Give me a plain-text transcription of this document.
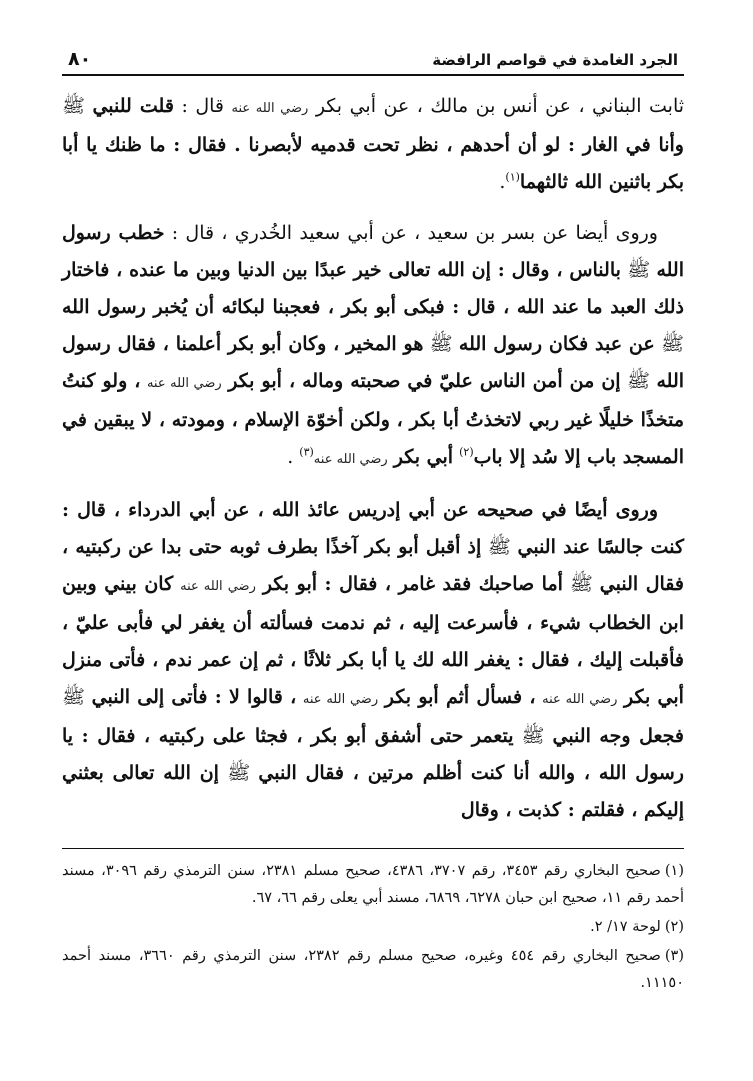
٨٠	الجرد الغامدة في قواصم الرافضة

ثابت البناني ، عن أنس بن مالك ، عن أبي بكر رضي الله عنه قال : قلت للنبي ﷺ وأنا في الغار : لو أن أحدهم ، نظر تحت قدميه لأبصرنا . فقال : ما ظنك يا أبا بكر باثنين الله ثالثهما$^{(١)}$.

وروى أيضا عن بسر بن سعيد ، عن أبي سعيد الخُدري ، قال : خطب رسول الله ﷺ بالناس ، وقال : إن الله تعالى خير عبدًا بين الدنيا وبين ما عنده ، فاختار ذلك العبد ما عند الله ، قال : فبكى أبو بكر ، فعجبنا لبكائه أن يُخبر رسول الله ﷺ عن عبد فكان رسول الله ﷺ هو المخير ، وكان أبو بكر أعلمنا ، فقال رسول الله ﷺ إن من أمن الناس عليّ في صحبته وماله ، أبو بكر رضي الله عنه ، ولو كنتُ متخذًا خليلًا غير ربي لاتخذتُ أبا بكر ، ولكن أخوّة الإسلام ، ومودته ، لا يبقين في المسجد باب إلا سُد إلا باب$^{(٢)}$ أبي بكر رضي الله عنه$^{(٣)}$ .

وروى أيضًا في صحيحه عن أبي إدريس عائذ الله ، عن أبي الدرداء ، قال : كنت جالسًا عند النبي ﷺ إذ أقبل أبو بكر آخذًا بطرف ثوبه حتى بدا عن ركبتيه ، فقال النبي ﷺ أما صاحبك فقد غامر ، فقال : أبو بكر رضي الله عنه كان بيني وبين ابن الخطاب شيء ، فأسرعت إليه ، ثم ندمت فسألته أن يغفر لي فأبى عليّ ، فأقبلت إليك ، فقال : يغفر الله لك يا أبا بكر ثلاثًا ، ثم إن عمر ندم ، فأتى منزل أبي بكر رضي الله عنه ، فسأل أثم أبو بكر رضي الله عنه ، قالوا لا : فأتى إلى النبي ﷺ فجعل وجه النبي ﷺ يتعمر حتى أشفق أبو بكر ، فجثا على ركبتيه ، فقال : يا رسول الله ، والله أنا كنت أظلم مرتين ، فقال النبي ﷺ إن الله تعالى بعثني إليكم ، فقلتم : كذبت ، وقال

(١)صحيح البخاري رقم ٣٤٥٣، رقم ٣٧٠٧، ٤٣٨٦، صحيح مسلم ٢٣٨١، سنن الترمذي رقم ٣٠٩٦، مسند أحمد رقم ١١، صحيح ابن حبان ٦٢٧٨، ٦٨٦٩، مسند أبي يعلى رقم ٦٦، ٦٧.

(٢)لوحة ١٧/ ٢.

(٣)صحيح البخاري رقم ٤٥٤ وغيره، صحيح مسلم رقم ٢٣٨٢، سنن الترمذي رقم ٣٦٦٠، مسند أحمد ١١١٥٠.
